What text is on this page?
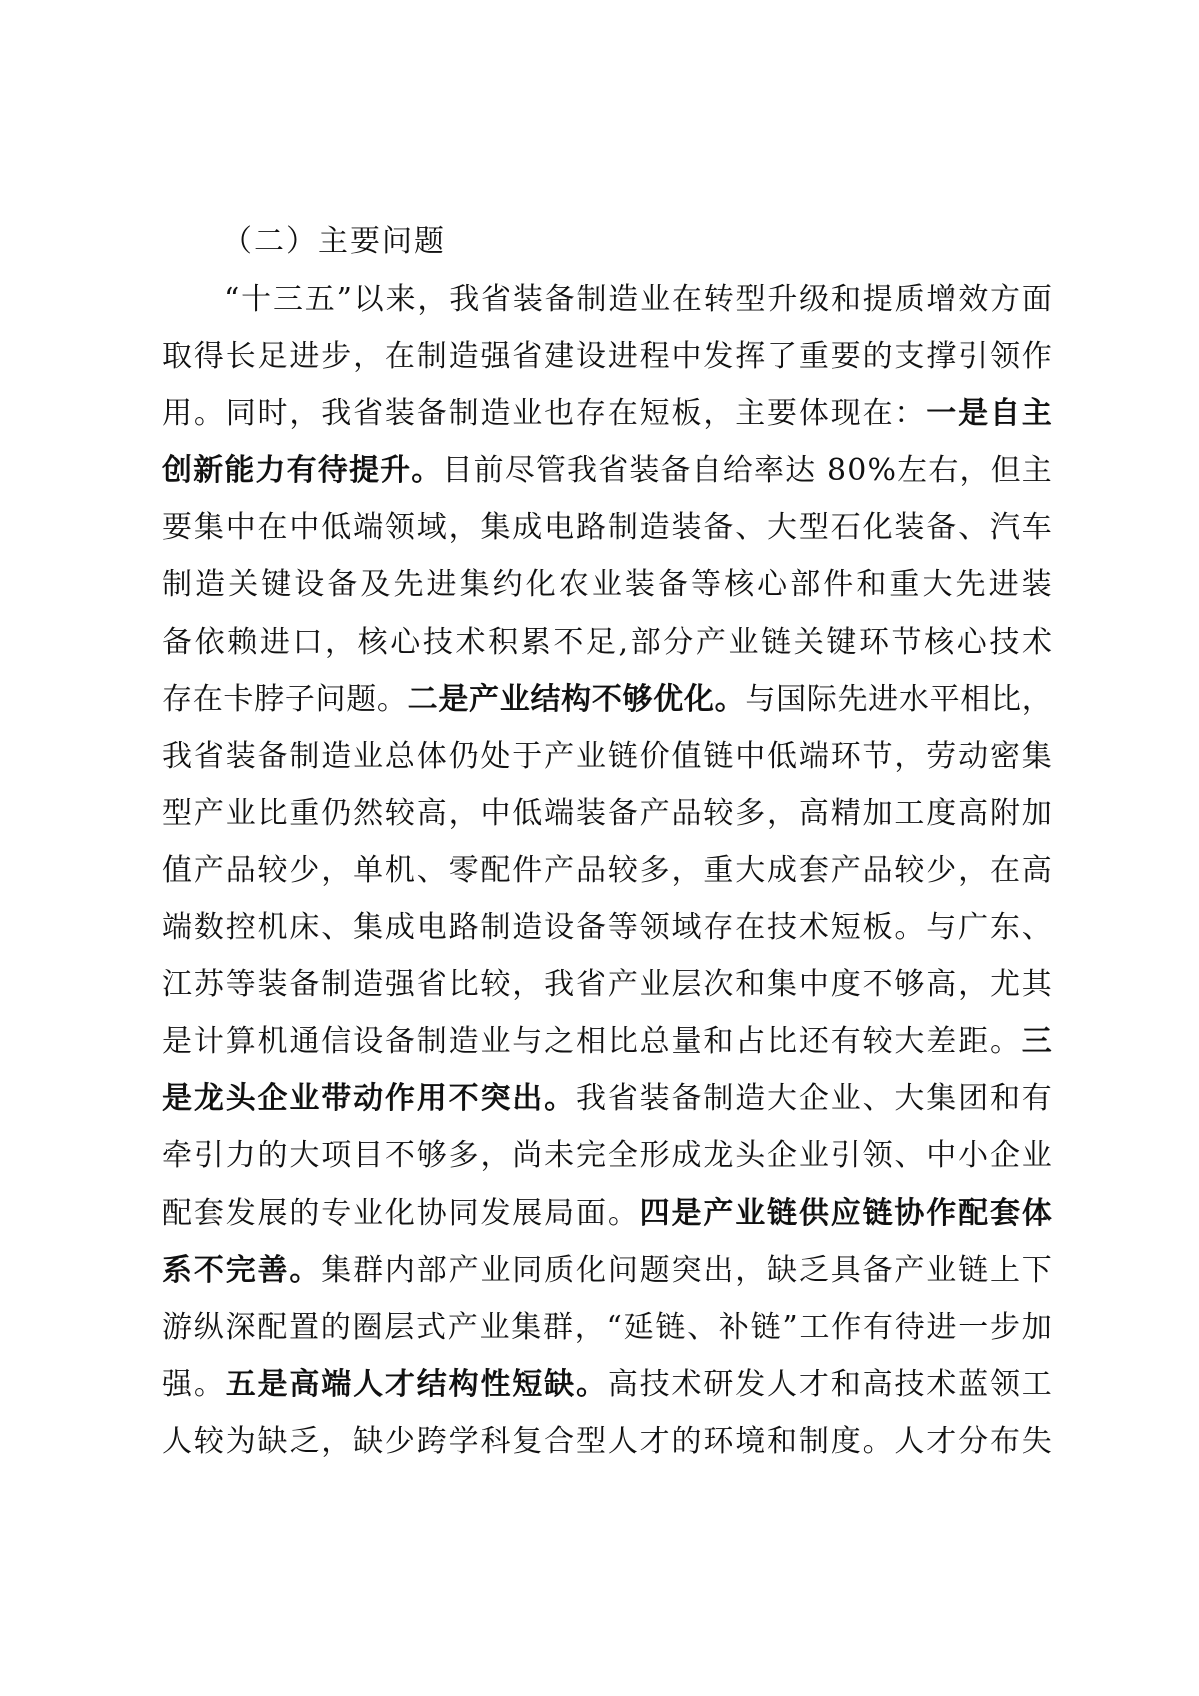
（二）主要问题
“ 十 三 五 ” 以 来 ， 我 省 装 备 制 造 业 在 转 型 升 级 和 提 质 增 效 方 面
取 得 长 足 进 步 ， 在 制 造 强 省 建 设 进 程 中 发 挥 了 重 要 的 支 撑 引 领 作
用 。 同 时 ， 我 省 装 备 制 造 业 也 存 在 短 板 ， 主 要 体 现 在 ： 一 是 自 主
创 新 能 力 有 待 提 升 。 目 前 尽 管 我 省 装 备 自 给 率 达
8 0 % 左 右 ， 但 主
要 集 中 在 中 低 端 领 域 ， 集 成 电 路 制 造 装 备 、 大 型 石 化 装 备 、 汽 车
制 造 关 键 设 备 及 先 进 集 约 化 农 业 装 备 等 核 心 部 件 和 重 大 先 进 装
备 依 赖 进 口 ， 核 心 技 术 积 累 不 足 , 部 分 产 业 链 关 键 环 节 核 心 技 术
存 在 卡 脖 子 问 题 。 二 是 产 业 结 构 不 够 优 化 。 与 国 际 先 进 水 平 相 比 ，
我 省 装 备 制 造 业 总 体 仍 处 于 产 业 链 价 值 链 中 低 端 环 节 ， 劳 动 密 集
型 产 业 比 重 仍 然 较 高 ， 中 低 端 装 备 产 品 较 多 ， 高 精 加 工 度 高 附 加
值 产 品 较 少 ， 单 机 、 零 配 件 产 品 较 多 ， 重 大 成 套 产 品 较 少 ， 在 高
端 数 控 机 床 、 集 成 电 路 制 造 设 备 等 领 域 存 在 技 术 短 板 。 与 广 东 、
江 苏 等 装 备 制 造 强 省 比 较 ， 我 省 产 业 层 次 和 集 中 度 不 够 高 ， 尤 其
是 计 算 机 通 信 设 备 制 造 业 与 之 相 比 总 量 和 占 比 还 有 较 大 差 距 。 三
是 龙 头 企 业 带 动 作 用 不 突 出 。 我 省 装 备 制 造 大 企 业 、 大 集 团 和 有
牵 引 力 的 大 项 目 不 够 多 ， 尚 未 完 全 形 成 龙 头 企 业 引 领 、 中 小 企 业
配 套 发 展 的 专 业 化 协 同 发 展 局 面 。 四 是 产 业 链 供 应 链 协 作 配 套 体
系 不 完 善 。 集 群 内 部 产 业 同 质 化 问 题 突 出 ， 缺 乏 具 备 产 业 链 上 下
游 纵 深 配 置 的 圈 层 式 产 业 集 群 ， “ 延 链 、 补 链 ” 工 作 有 待 进 一 步 加
强 。 五 是 高 端 人 才 结 构 性 短 缺 。 高 技 术 研 发 人 才 和 高 技 术 蓝 领 工
人 较 为 缺 乏 ， 缺 少 跨 学 科 复 合 型 人 才 的 环 境 和 制 度 。 人 才 分 布 失
